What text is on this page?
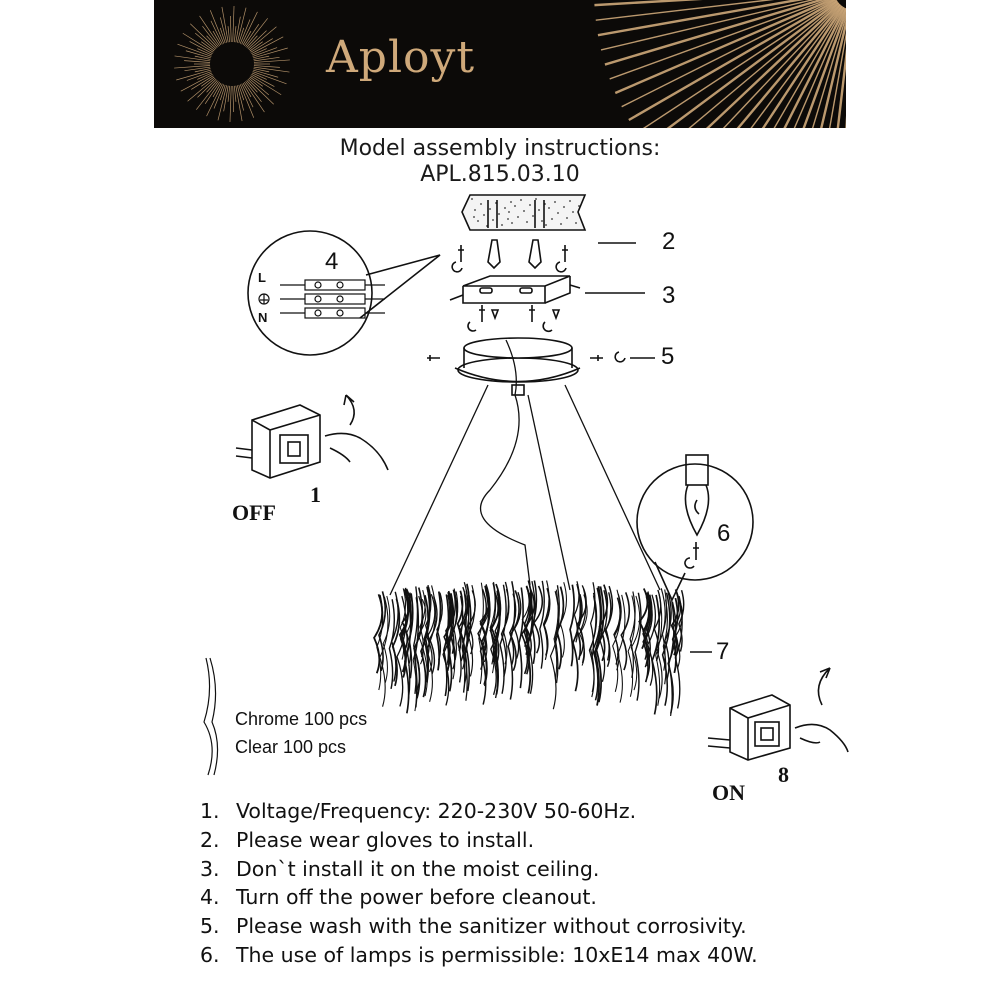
Aployt
Model assembly instructions:
APL.815.03.10
2
3
4
5
6
7
1
8
OFF
ON
L
N
Chrome 100 pcs
Clear 100 pcs
1. Voltage/Frequency: 220-230V 50-60Hz.
2. Please wear gloves to install.
3. Don`t install it on the moist ceiling.
4. Turn off the power before cleanout.
5. Please wash with the sanitizer without corrosivity.
6. The use of lamps is permissible: 10xE14 max 40W.
